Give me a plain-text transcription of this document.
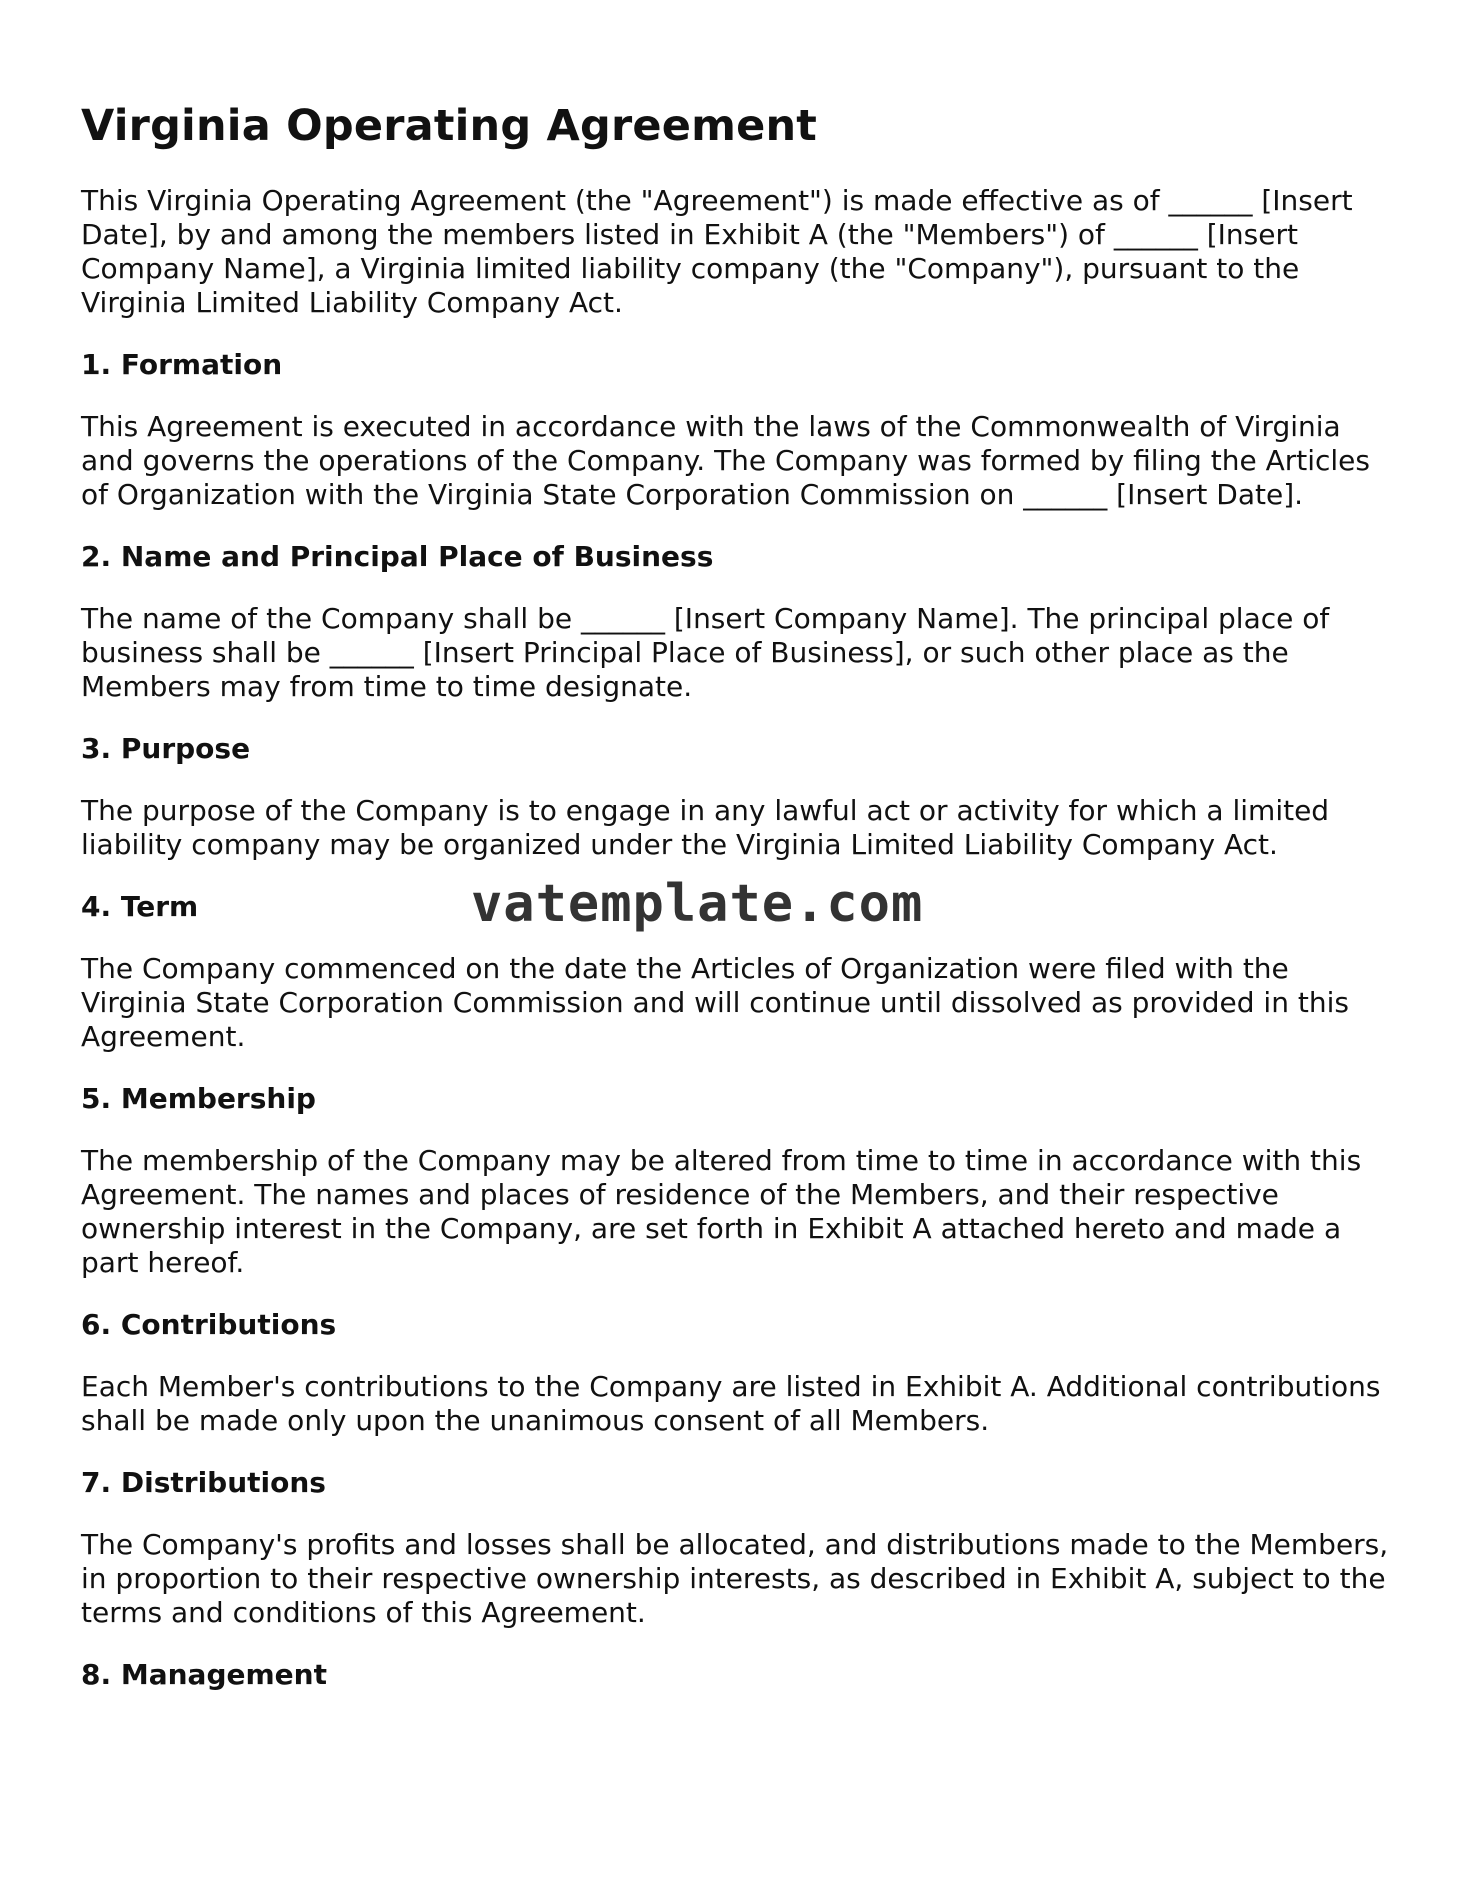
Virginia Operating Agreement

This Virginia Operating Agreement (the "Agreement") is made effective as of ______ [Insert Date], by and among the members listed in Exhibit A (the "Members") of ______ [Insert Company Name], a Virginia limited liability company (the "Company"), pursuant to the Virginia Limited Liability Company Act.

1. Formation

This Agreement is executed in accordance with the laws of the Commonwealth of Virginia and governs the operations of the Company. The Company was formed by filing the Articles of Organization with the Virginia State Corporation Commission on ______ [Insert Date].

2. Name and Principal Place of Business

The name of the Company shall be ______ [Insert Company Name]. The principal place of business shall be ______ [Insert Principal Place of Business], or such other place as the Members may from time to time designate.

3. Purpose

The purpose of the Company is to engage in any lawful act or activity for which a limited liability company may be organized under the Virginia Limited Liability Company Act.

4. Term	vatemplate.com

The Company commenced on the date the Articles of Organization were filed with the Virginia State Corporation Commission and will continue until dissolved as provided in this Agreement.

5. Membership

The membership of the Company may be altered from time to time in accordance with this Agreement. The names and places of residence of the Members, and their respective ownership interest in the Company, are set forth in Exhibit A attached hereto and made a part hereof.

6. Contributions

Each Member's contributions to the Company are listed in Exhibit A. Additional contributions shall be made only upon the unanimous consent of all Members.

7. Distributions

The Company's profits and losses shall be allocated, and distributions made to the Members, in proportion to their respective ownership interests, as described in Exhibit A, subject to the terms and conditions of this Agreement.

8. Management
